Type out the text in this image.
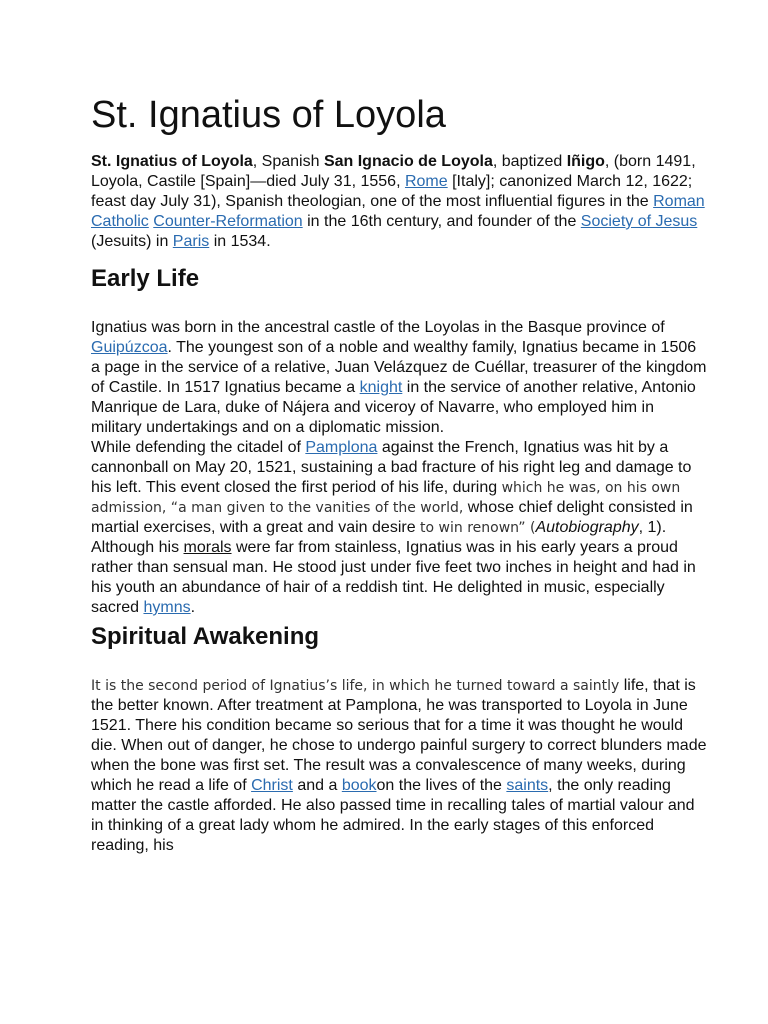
St. Ignatius of Loyola

St. Ignatius of Loyola, Spanish San Ignacio de Loyola, baptized Iñigo, (born 1491, Loyola, Castile [Spain]—died July 31, 1556, Rome [Italy]; canonized March 12, 1622; feast day July 31), Spanish theologian, one of the most influential figures in the Roman Catholic Counter-Reformation in the 16th century, and founder of the Society of Jesus (Jesuits) in Paris in 1534.

Early Life

Ignatius was born in the ancestral castle of the Loyolas in the Basque province of Guipúzcoa. The youngest son of a noble and wealthy family, Ignatius became in 1506 a page in the service of a relative, Juan Velázquez de Cuéllar, treasurer of the kingdom of Castile. In 1517 Ignatius became a knight in the service of another relative, Antonio Manrique de Lara, duke of Nájera and viceroy of Navarre, who employed him in military undertakings and on a diplomatic mission.

While defending the citadel of Pamplona against the French, Ignatius was hit by a cannonball on May 20, 1521, sustaining a bad fracture of his right leg and damage to his left. This event closed the first period of his life, during which he was, on his own admission, “a man given to the vanities of the world, whose chief delight consisted in martial exercises, with a great and vain desire to win renown” (Autobiography, 1). Although his morals were far from stainless, Ignatius was in his early years a proud rather than sensual man. He stood just under five feet two inches in height and had in his youth an abundance of hair of a reddish tint. He delighted in music, especially sacred hymns.

Spiritual Awakening

It is the second period of Ignatius’s life, in which he turned toward a saintly life, that is the better known. After treatment at Pamplona, he was transported to Loyola in June 1521. There his condition became so serious that for a time it was thought he would die. When out of danger, he chose to undergo painful surgery to correct blunders made when the bone was first set. The result was a convalescence of many weeks, during which he read a life of Christ and a bookon the lives of the saints, the only reading matter the castle afforded. He also passed time in recalling tales of martial valour and in thinking of a great lady whom he admired. In the early stages of this enforced reading, his
